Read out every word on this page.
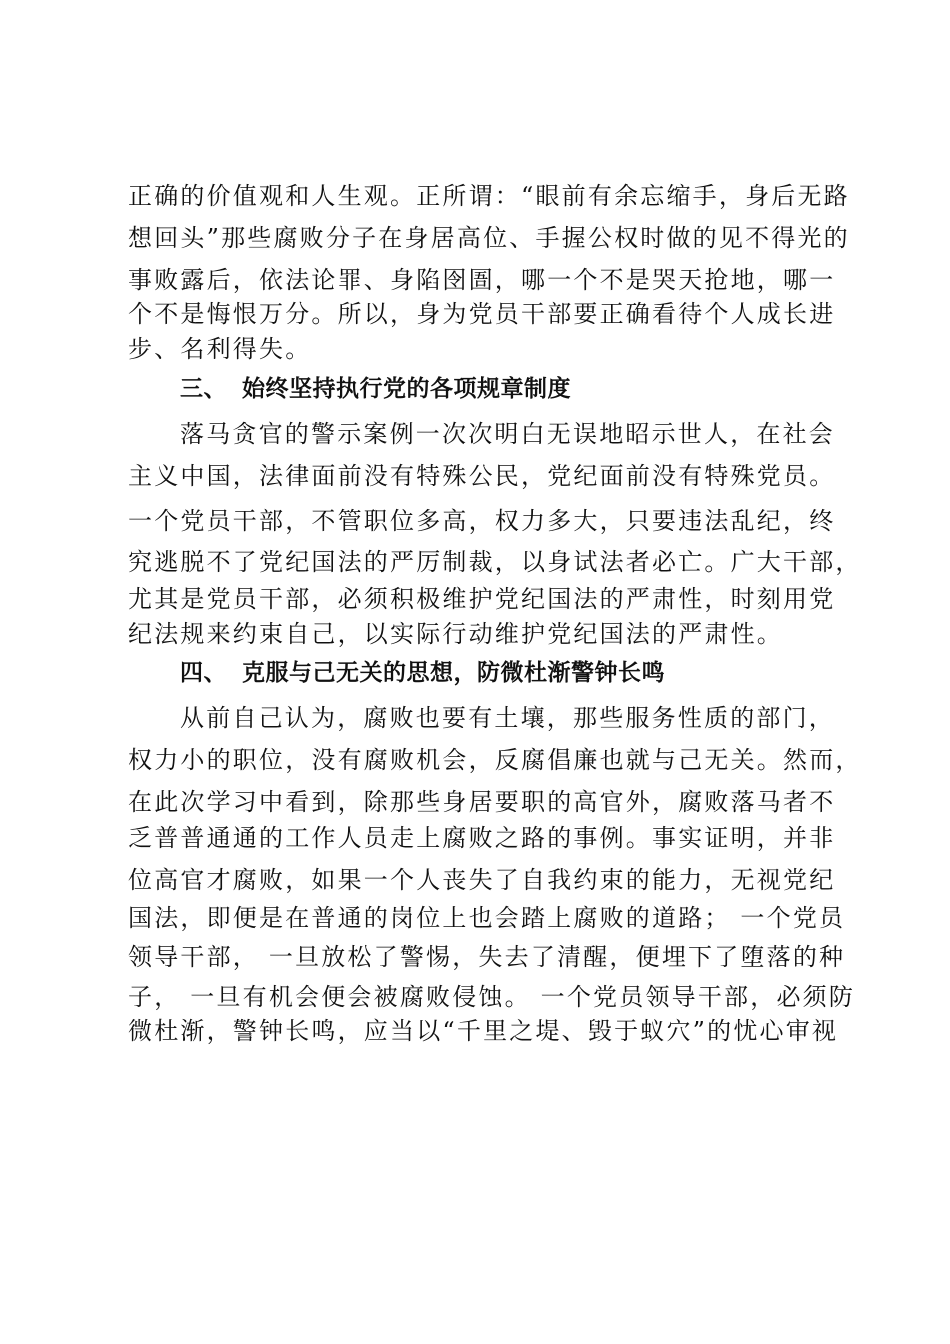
正确的价值观和人生观。正所谓：“眼前有余忘缩手，身后无路
想回头”那些腐败分子在身居高位、手握公权时做的见不得光的
事败露后，依法论罪、身陷囹圄，哪一个不是哭天抢地，哪一
个不是悔恨万分。所以，身为党员干部要正确看待个人成长进
步、名利得失。
三、 始终坚持执行党的各项规章制度
落马贪官的警示案例一次次明白无误地昭示世人，在社会
主义中国，法律面前没有特殊公民，党纪面前没有特殊党员。
一个党员干部，不管职位多高，权力多大，只要违法乱纪，终
究逃脱不了党纪国法的严厉制裁，以身试法者必亡。广大干部，
尤其是党员干部，必须积极维护党纪国法的严肃性，时刻用党
纪法规来约束自己，以实际行动维护党纪国法的严肃性。
四、 克服与己无关的思想，防微杜渐警钟长鸣
从前自己认为，腐败也要有土壤，那些服务性质的部门，
权力小的职位，没有腐败机会，反腐倡廉也就与己无关。然而，
在此次学习中看到，除那些身居要职的高官外，腐败落马者不
乏普普通通的工作人员走上腐败之路的事例。事实证明，并非
位高官才腐败，如果一个人丧失了自我约束的能力，无视党纪
国法，即便是在普通的岗位上也会踏上腐败的道路； 一个党员
领导干部， 一旦放松了警惕，失去了清醒，便埋下了堕落的种
子， 一旦有机会便会被腐败侵蚀。 一个党员领导干部，必须防
微杜渐，警钟长鸣，应当以“千里之堤、毁于蚁穴”的忧心审视
